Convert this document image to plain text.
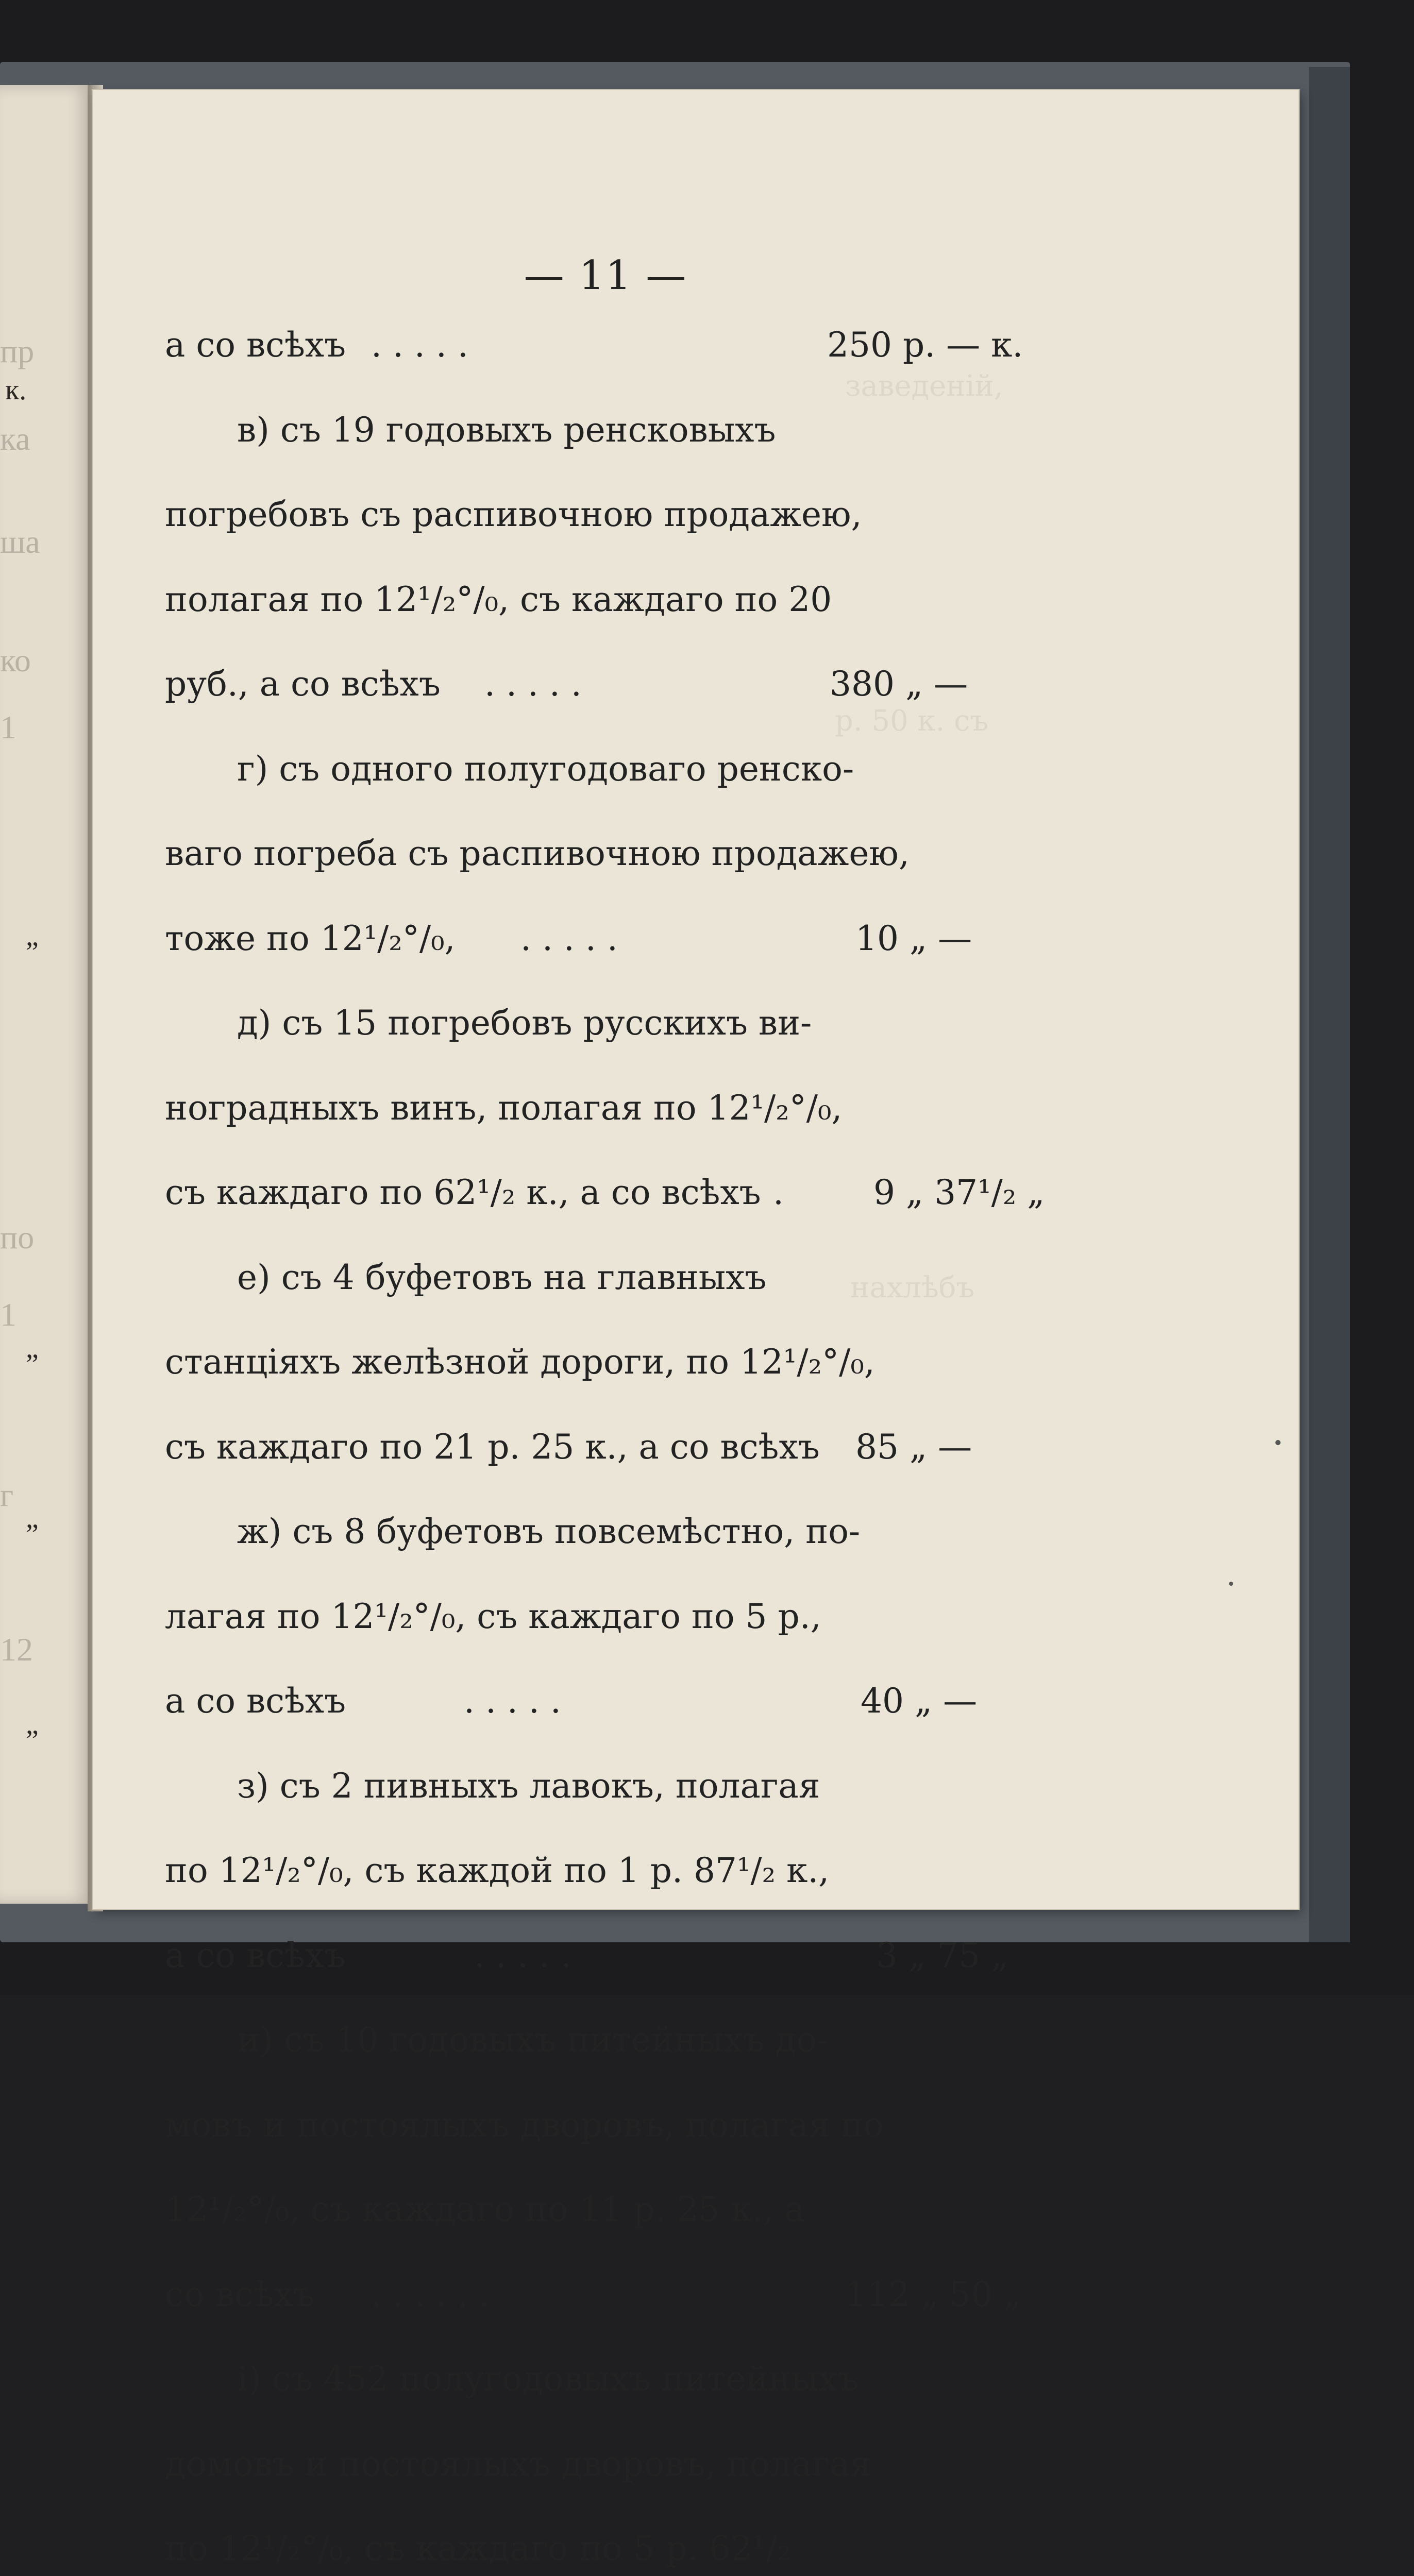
пр
к.
ка
ша
ко
1
„
„
„
„
по
1
г
12
— 11 —
заведеній,
р. 50 к. съ
нахлѣбъ
а со всѣхъ . . . . .	250 р. — к.
в) съ 19 годовыхъ ренсковыхъ
погребовъ съ распивочною продажею,
полагая по 12¹/₂°/₀, съ каждаго по 20
руб., а со всѣхъ . . . . .	380 „ —
г) съ одного полугодоваго ренско-
ваго погреба съ распивочною продажею,
тоже по 12¹/₂°/₀, . . . . .	10 „ —
д) съ 15 погребовъ русскихъ ви-
ноградныхъ винъ, полагая по 12¹/₂°/₀,
съ каждаго по 62¹/₂ к., а со всѣхъ .	9 „ 37¹/₂ „
е) съ 4 буфетовъ на главныхъ
станціяхъ желѣзной дороги, по 12¹/₂°/₀,
съ каждаго по 21 р. 25 к., а со всѣхъ 85 „ —
ж) съ 8 буфетовъ повсемѣстно, по-
лагая по 12¹/₂°/₀, съ каждаго по 5 р.,
а со всѣхъ	. . . . .	40 „ —
з) съ 2 пивныхъ лавокъ, полагая
по 12¹/₂°/₀, съ каждой по 1 р. 87¹/₂ к.,
а со всѣхъ	. . . . .	3 „ 75 „
и) съ 10 годовыхъ питейныхъ до-
мовъ и постоялыхъ дворовъ, полагая по
12¹/₂°/₀, съ каждаго по 11 р. 25 к., а
со всѣхъ . . . . . .	112 „ 50 „
і) съ 452 полугодовыхъ питейныхъ
домовъ и постоялыхъ дворовъ, полагая
по 12¹/₂°/₀, съ каждаго по 5 р. 62¹/₂
